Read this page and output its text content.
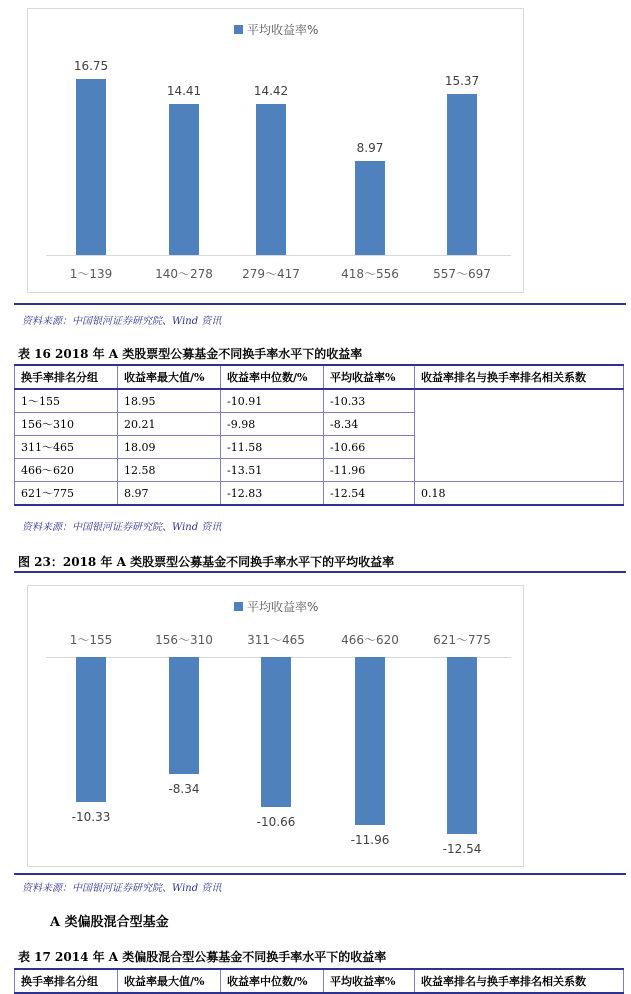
平均收益率%
16.75
1～139
14.41
140～278
14.42
279～417
8.97
418～556
15.37
557～697
资料来源：中国银河证券研究院、Wind 资讯
表 16 2018 年 A 类股票型公募基金不同换手率水平下的收益率
换手率排名分组	收益率最大值/%	收益率中位数/%	平均收益率%	收益率排名与换手率排名相关系数
1～155	18.95	-10.91	-10.33	
156～310	20.21	-9.98	-8.34	
311～465	18.09	-11.58	-10.66	
466～620	12.58	-13.51	-11.96	
621～775	8.97	-12.83	-12.54	0.18
资料来源：中国银河证券研究院、Wind 资讯
图 23：2018 年 A 类股票型公募基金不同换手率水平下的平均收益率
平均收益率%
-10.33
1～155
-8.34
156～310
-10.66
311～465
-11.96
466～620
-12.54
621～775
资料来源：中国银河证券研究院、Wind 资讯
A 类偏股混合型基金
表 17 2014 年 A 类偏股混合型公募基金不同换手率水平下的收益率
换手率排名分组	收益率最大值/%	收益率中位数/%	平均收益率%	收益率排名与换手率排名相关系数
